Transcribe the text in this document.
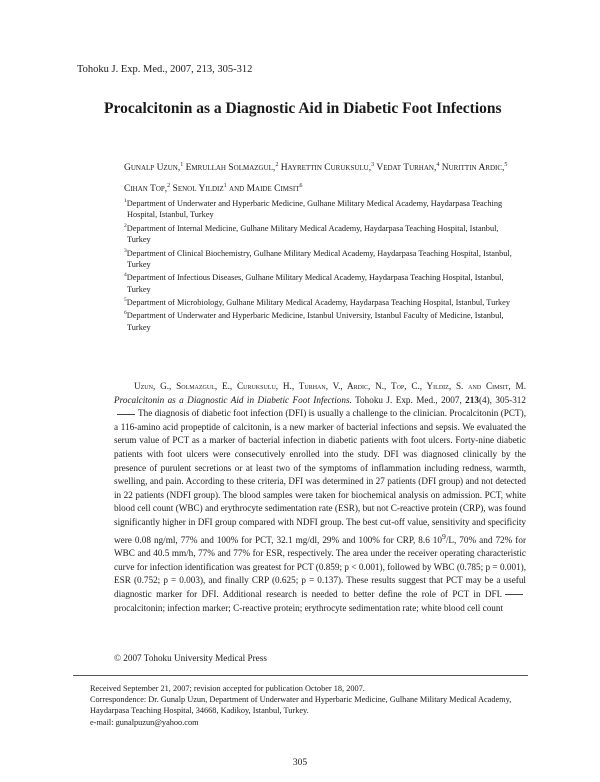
Tohoku J. Exp. Med., 2007, 213, 305-312
Procalcitonin as a Diagnostic Aid in Diabetic Foot Infections
Gunalp Uzun,$^1$ Emrullah Solmazgul,$^2$ Hayrettin Curuksulu,$^3$ Vedat Turhan,$^4$ Nurittin Ardic,$^5$ Cihan Top,$^2$ Senol Yildiz$^1$ and Maide Cimsit$^6$
$^1$Department of Underwater and Hyperbaric Medicine, Gulhane Military Medical Academy, Haydarpasa Teaching Hospital, Istanbul, Turkey
$^2$Department of Internal Medicine, Gulhane Military Medical Academy, Haydarpasa Teaching Hospital, Istanbul, Turkey
$^3$Department of Clinical Biochemistry, Gulhane Military Medical Academy, Haydarpasa Teaching Hospital, Istanbul, Turkey
$^4$Department of Infectious Diseases, Gulhane Military Medical Academy, Haydarpasa Teaching Hospital, Istanbul, Turkey
$^5$Department of Microbiology, Gulhane Military Medical Academy, Haydarpasa Teaching Hospital, Istanbul, Turkey
$^6$Department of Underwater and Hyperbaric Medicine, Istanbul University, Istanbul Faculty of Medicine, Istanbul, Turkey

Uzun, G., Solmazgul, E., Curuksulu, H., Turhan, V., Ardic, N., Top, C., Yildiz, S. and Cimsit, M. Procalcitonin as a Diagnostic Aid in Diabetic Foot Infections. Tohoku J. Exp. Med., 2007, 213(4), 305-312The diagnosis of diabetic foot infection (DFI) is usually a challenge to the clinician. Procalcitonin (PCT), a 116-amino acid propeptide of calcitonin, is a new marker of bacterial infections and sepsis. We evaluated the serum value of PCT as a marker of bacterial infection in diabetic patients with foot ulcers. Forty-nine diabetic patients with foot ulcers were consecutively enrolled into the study. DFI was diagnosed clinically by the presence of purulent secretions or at least two of the symptoms of inflammation including redness, warmth, swelling, and pain. According to these criteria, DFI was determined in 27 patients (DFI group) and not detected in 22 patients (NDFI group). The blood samples were taken for biochemical analysis on admission. PCT, white blood cell count (WBC) and erythrocyte sedimentation rate (ESR), but not C-reactive protein (CRP), was found significantly higher in DFI group compared with NDFI group. The best cut-off value, sensitivity and specificity were 0.08 ng/ml, 77% and 100% for PCT, 32.1 mg/dl, 29% and 100% for CRP, 8.6 $10^9/L$, 70% and 72% for WBC and 40.5 mm/h, 77% and 77% for ESR, respectively. The area under the receiver operating characteristic curve for infection identification was greatest for PCT (0.859; p < 0.001), followed by WBC (0.785; p = 0.001), ESR (0.752; p = 0.003), and finally CRP (0.625; p = 0.137). These results suggest that PCT may be a useful diagnostic marker for DFI. Additional research is needed to better define the role of PCT in DFI.procalcitonin; infection marker; C-reactive protein; erythrocyte sedimentation rate; white blood cell count

© 2007 Tohoku University Medical Press
Received September 21, 2007; revision accepted for publication October 18, 2007.
Correspondence: Dr. Gunalp Uzun, Department of Underwater and Hyperbaric Medicine, Gulhane Military Medical Academy, Haydarpasa Teaching Hospital, 34668, Kadikoy, Istanbul, Turkey.
e-mail: gunalpuzun@yahoo.com
305
